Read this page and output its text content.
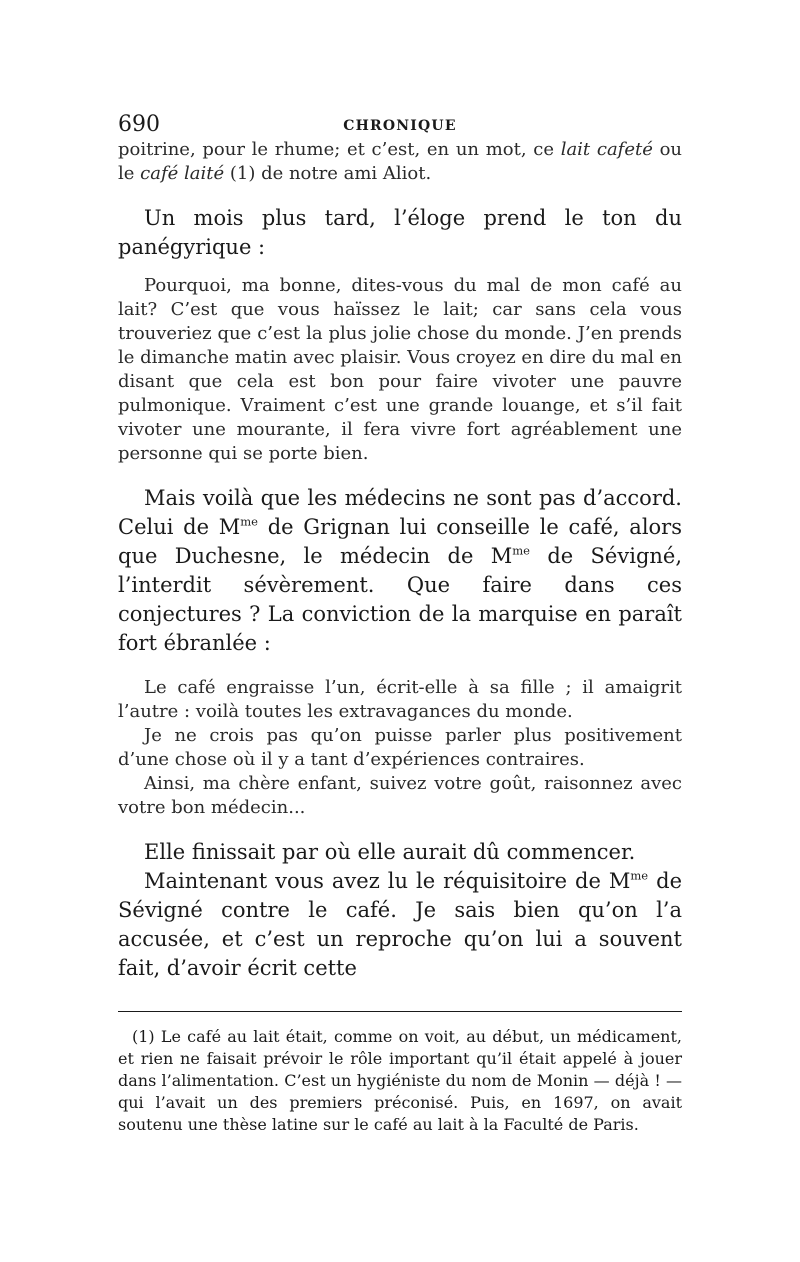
690	CHRONIQUE

poitrine, pour le rhume; et c’est, en un mot, ce lait cafeté ou le café laité (1) de notre ami Aliot.

Un mois plus tard, l’éloge prend le ton du panégyrique :

Pourquoi, ma bonne, dites-vous du mal de mon café au lait? C’est que vous haïssez le lait; car sans cela vous trouveriez que c’est la plus jolie chose du monde. J’en prends le dimanche matin avec plaisir. Vous croyez en dire du mal en disant que cela est bon pour faire vivoter une pauvre pulmonique. Vraiment c’est une grande louange, et s’il fait vivoter une mourante, il fera vivre fort agréablement une personne qui se porte bien.

Mais voilà que les médecins ne sont pas d’accord. Celui de $M^{me}$ de Grignan lui conseille le café, alors que Duchesne, le médecin de $M^{me}$ de Sévigné, l’interdit sévèrement. Que faire dans ces conjectures ? La conviction de la marquise en paraît fort ébranlée :

Le café engraisse l’un, écrit-elle à sa fille ; il amaigrit l’autre : voilà toutes les extravagances du monde.

Je ne crois pas qu’on puisse parler plus positivement d’une chose où il y a tant d’expériences contraires.

Ainsi, ma chère enfant, suivez votre goût, raisonnez avec votre bon médecin...

Elle finissait par où elle aurait dû commencer.

Maintenant vous avez lu le réquisitoire de $M^{me}$ de Sévigné contre le café. Je sais bien qu’on l’a accusée, et c’est un reproche qu’on lui a souvent fait, d’avoir écrit cette

(1) Le café au lait était, comme on voit, au début, un médicament, et rien ne faisait prévoir le rôle important qu’il était appelé à jouer dans l’alimentation. C’est un hygiéniste du nom de Monin — déjà ! — qui l’avait un des premiers préconisé. Puis, en 1697, on avait soutenu une thèse latine sur le café au lait à la Faculté de Paris.
